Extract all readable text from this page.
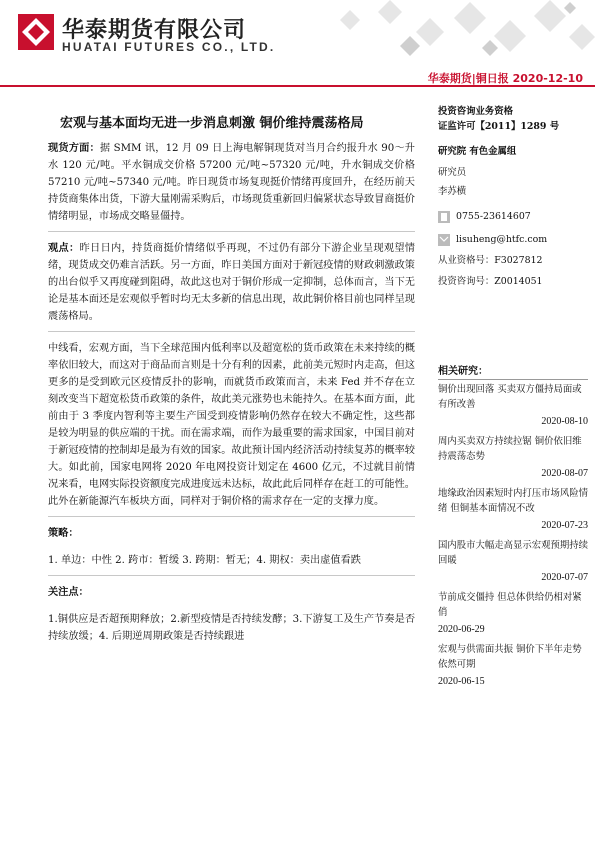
华泰期货有限公司
HUATAI FUTURES CO., LTD.
华泰期货|铜日报 2020-12-10
宏观与基本面均无进一步消息刺激 铜价维持震荡格局

现货方面：据 SMM 讯，12 月 09 日上海电解铜现货对当月合约报升水 90～升水 120 元/吨。平水铜成交价格 57200 元/吨~57320 元/吨，升水铜成交价格 57210 元/吨~57340 元/吨。昨日现货市场复现挺价情绪再度回升，在经历前天持货商集体出货，下游大量刚需采购后，市场现货重新回归偏紧状态导致冒商挺价情绪明显，市场成交略显僵持。

观点：昨日日内，持货商挺价情绪似乎再现，不过仍有部分下游企业呈现观望情绪，现货成交仍难言活跃。另一方面，昨日美国方面对于新冠疫情的财政刺激政策的出台似乎又再度碰到阻碍，故此这也对于铜价形成一定抑制，总体而言，当下无论是基本面还是宏观似乎暂时均无太多新的信息出现，故此铜价格目前也同样呈现震荡格局。

中线看，宏观方面，当下全球范围内低利率以及超宽松的货币政策在未来持续的概率依旧较大，而这对于商品而言则是十分有利的因素，此前美元短时内走高，但这更多的是受到欧元区疫情反扑的影响，而就货币政策而言，未来 Fed 并不存在立刻改变当下超宽松货币政策的条件，故此美元涨势也未能持久。在基本面方面，此前由于 3 季度内智利等主要生产国受到疫情影响仍然存在较大不确定性，这些都是较为明显的供应端的干扰。而在需求端，而作为最重要的需求国家，中国目前对于新冠疫情的控制却是最为有效的国家。故此预计国内经济活动持续复苏的概率较大。如此前，国家电网将 2020 年电网投资计划定在 4600 亿元，不过就目前情况来看，电网实际投资额度完成进度远未达标，故此此后同样存在赶工的可能性。此外在新能源汽车板块方面，同样对于铜价格的需求存在一定的支撑力度。

策略：

1. 单边：中性 2. 跨市：暂缓 3. 跨期：暂无；4. 期权：卖出虚值看跌

关注点：

1.铜供应是否超预期释放；2.新型疫情是否持续发酵；3.下游复工及生产节奏是否持续放缓；4. 后期逆周期政策是否持续跟进

投资咨询业务资格
证监许可【2011】1289 号
研究院 有色金属组
研究员
李苏横
0755-23614607
lisuheng@htfc.com
从业资格号：F3027812
投资咨询号：Z0014051
相关研究：
铜价出现回落 买卖双方僵持局面或有所改善
2020-08-10
周内买卖双方持续拉锯 铜价依旧维持震荡态势
2020-08-07
地缘政治因素短时内打压市场风险情绪 但铜基本面情况不改
2020-07-23
国内股市大幅走高显示宏观预期持续回暖
2020-07-07
节前成交僵持 但总体供给仍相对紧俏
2020-06-29
宏观与供需面共振 铜价下半年走势依然可期
2020-06-15
